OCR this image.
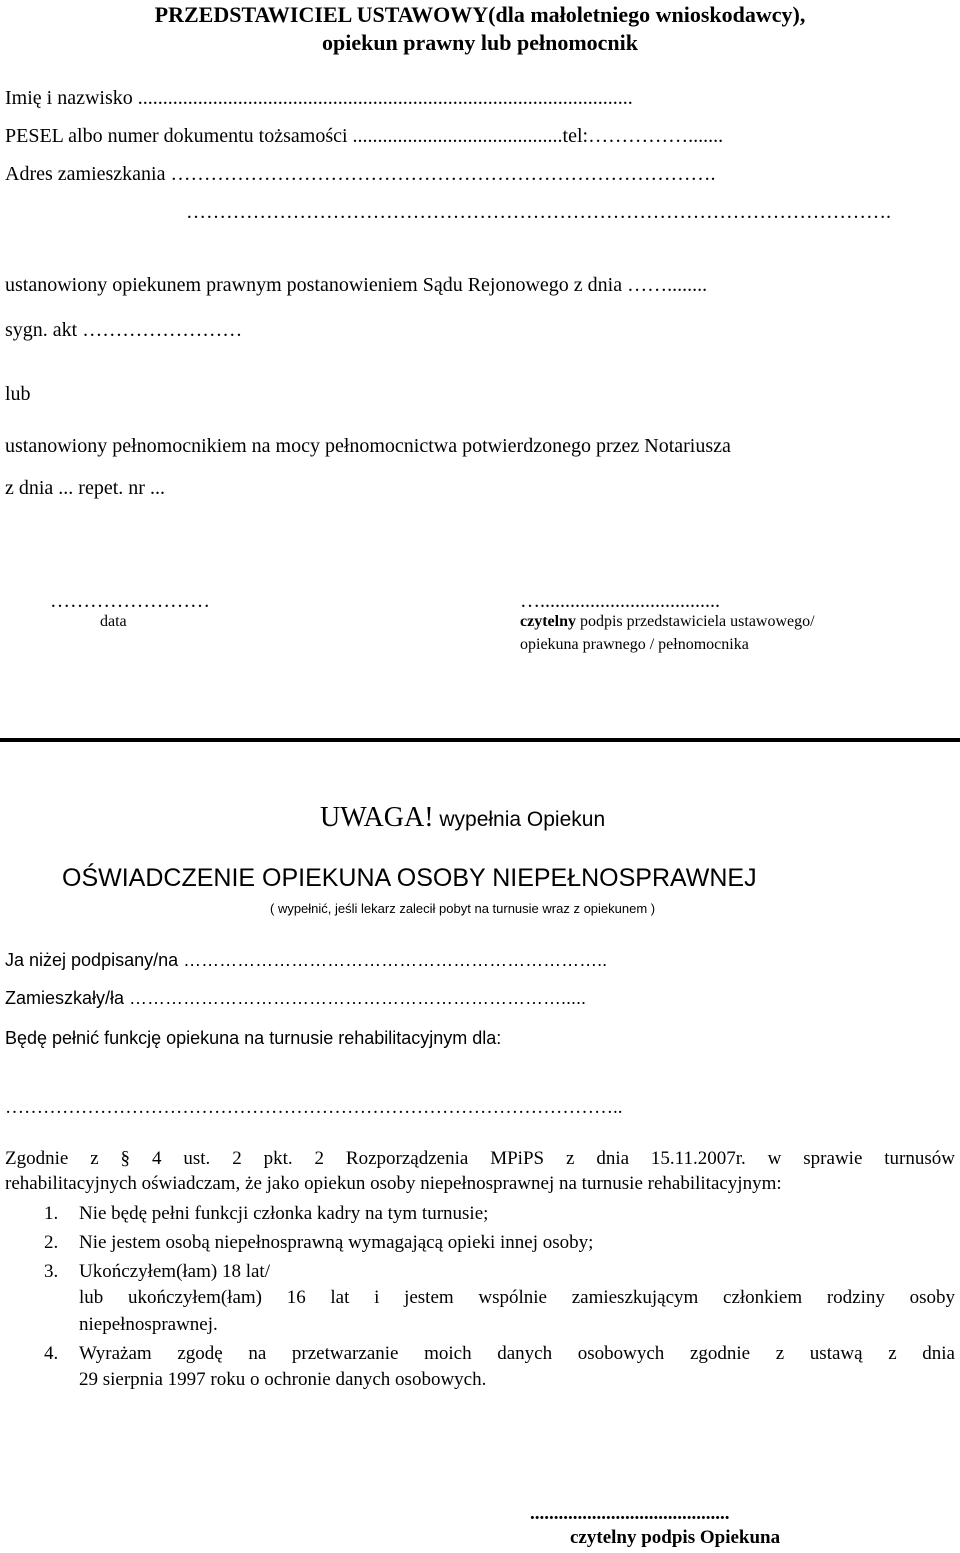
PRZEDSTAWICIEL USTAWOWY(dla małoletniego wnioskodawcy),
opiekun prawny lub pełnomocnik
Imię i nazwisko ...................................................................................................
PESEL albo numer dokumentu tożsamości ..........................................tel:…………….......
Adres zamieszkania ……………………………………………………………………….
…………………………………………………………………………………………….
ustanowiony opiekunem prawnym postanowieniem Sądu Rejonowego z dnia ……........
sygn. akt ……………………
lub
ustanowiony pełnomocnikiem na mocy pełnomocnictwa potwierdzonego przez Notariusza
z dnia ... repet. nr ...
……………………
data
…....................................
czytelny podpis przedstawiciela ustawowego/
opiekuna prawnego / pełnomocnika
UWAGA! wypełnia Opiekun
OŚWIADCZENIE OPIEKUNA OSOBY NIEPEŁNOSPRAWNEJ
( wypełnić, jeśli lekarz zalecił pobyt na turnusie wraz z opiekunem )
Ja niżej podpisany/na ……………………………………………………………..
Zamieszkały/ła ……………………………………………………………….....
Będę pełnić funkcję opiekuna na turnusie rehabilitacyjnym dla:
……………………………………………………………………………………..
Zgodnie z § 4 ust. 2 pkt. 2 Rozporządzenia MPiPS z dnia 15.11.2007r. w sprawie turnusów
rehabilitacyjnych oświadczam, że jako opiekun osoby niepełnosprawnej na turnusie rehabilitacyjnym:
1. Nie będę pełni funkcji członka kadry na tym turnusie;
2. Nie jestem osobą niepełnosprawną wymagającą opieki innej osoby;
3. Ukończyłem(łam) 18 lat/
lub ukończyłem(łam) 16 lat i jestem wspólnie zamieszkującym członkiem rodziny osoby
niepełnosprawnej.
4. Wyrażam zgodę na przetwarzanie moich danych osobowych zgodnie z ustawą z dnia
29 sierpnia 1997 roku o ochronie danych osobowych.
..........................................
czytelny podpis Opiekuna
